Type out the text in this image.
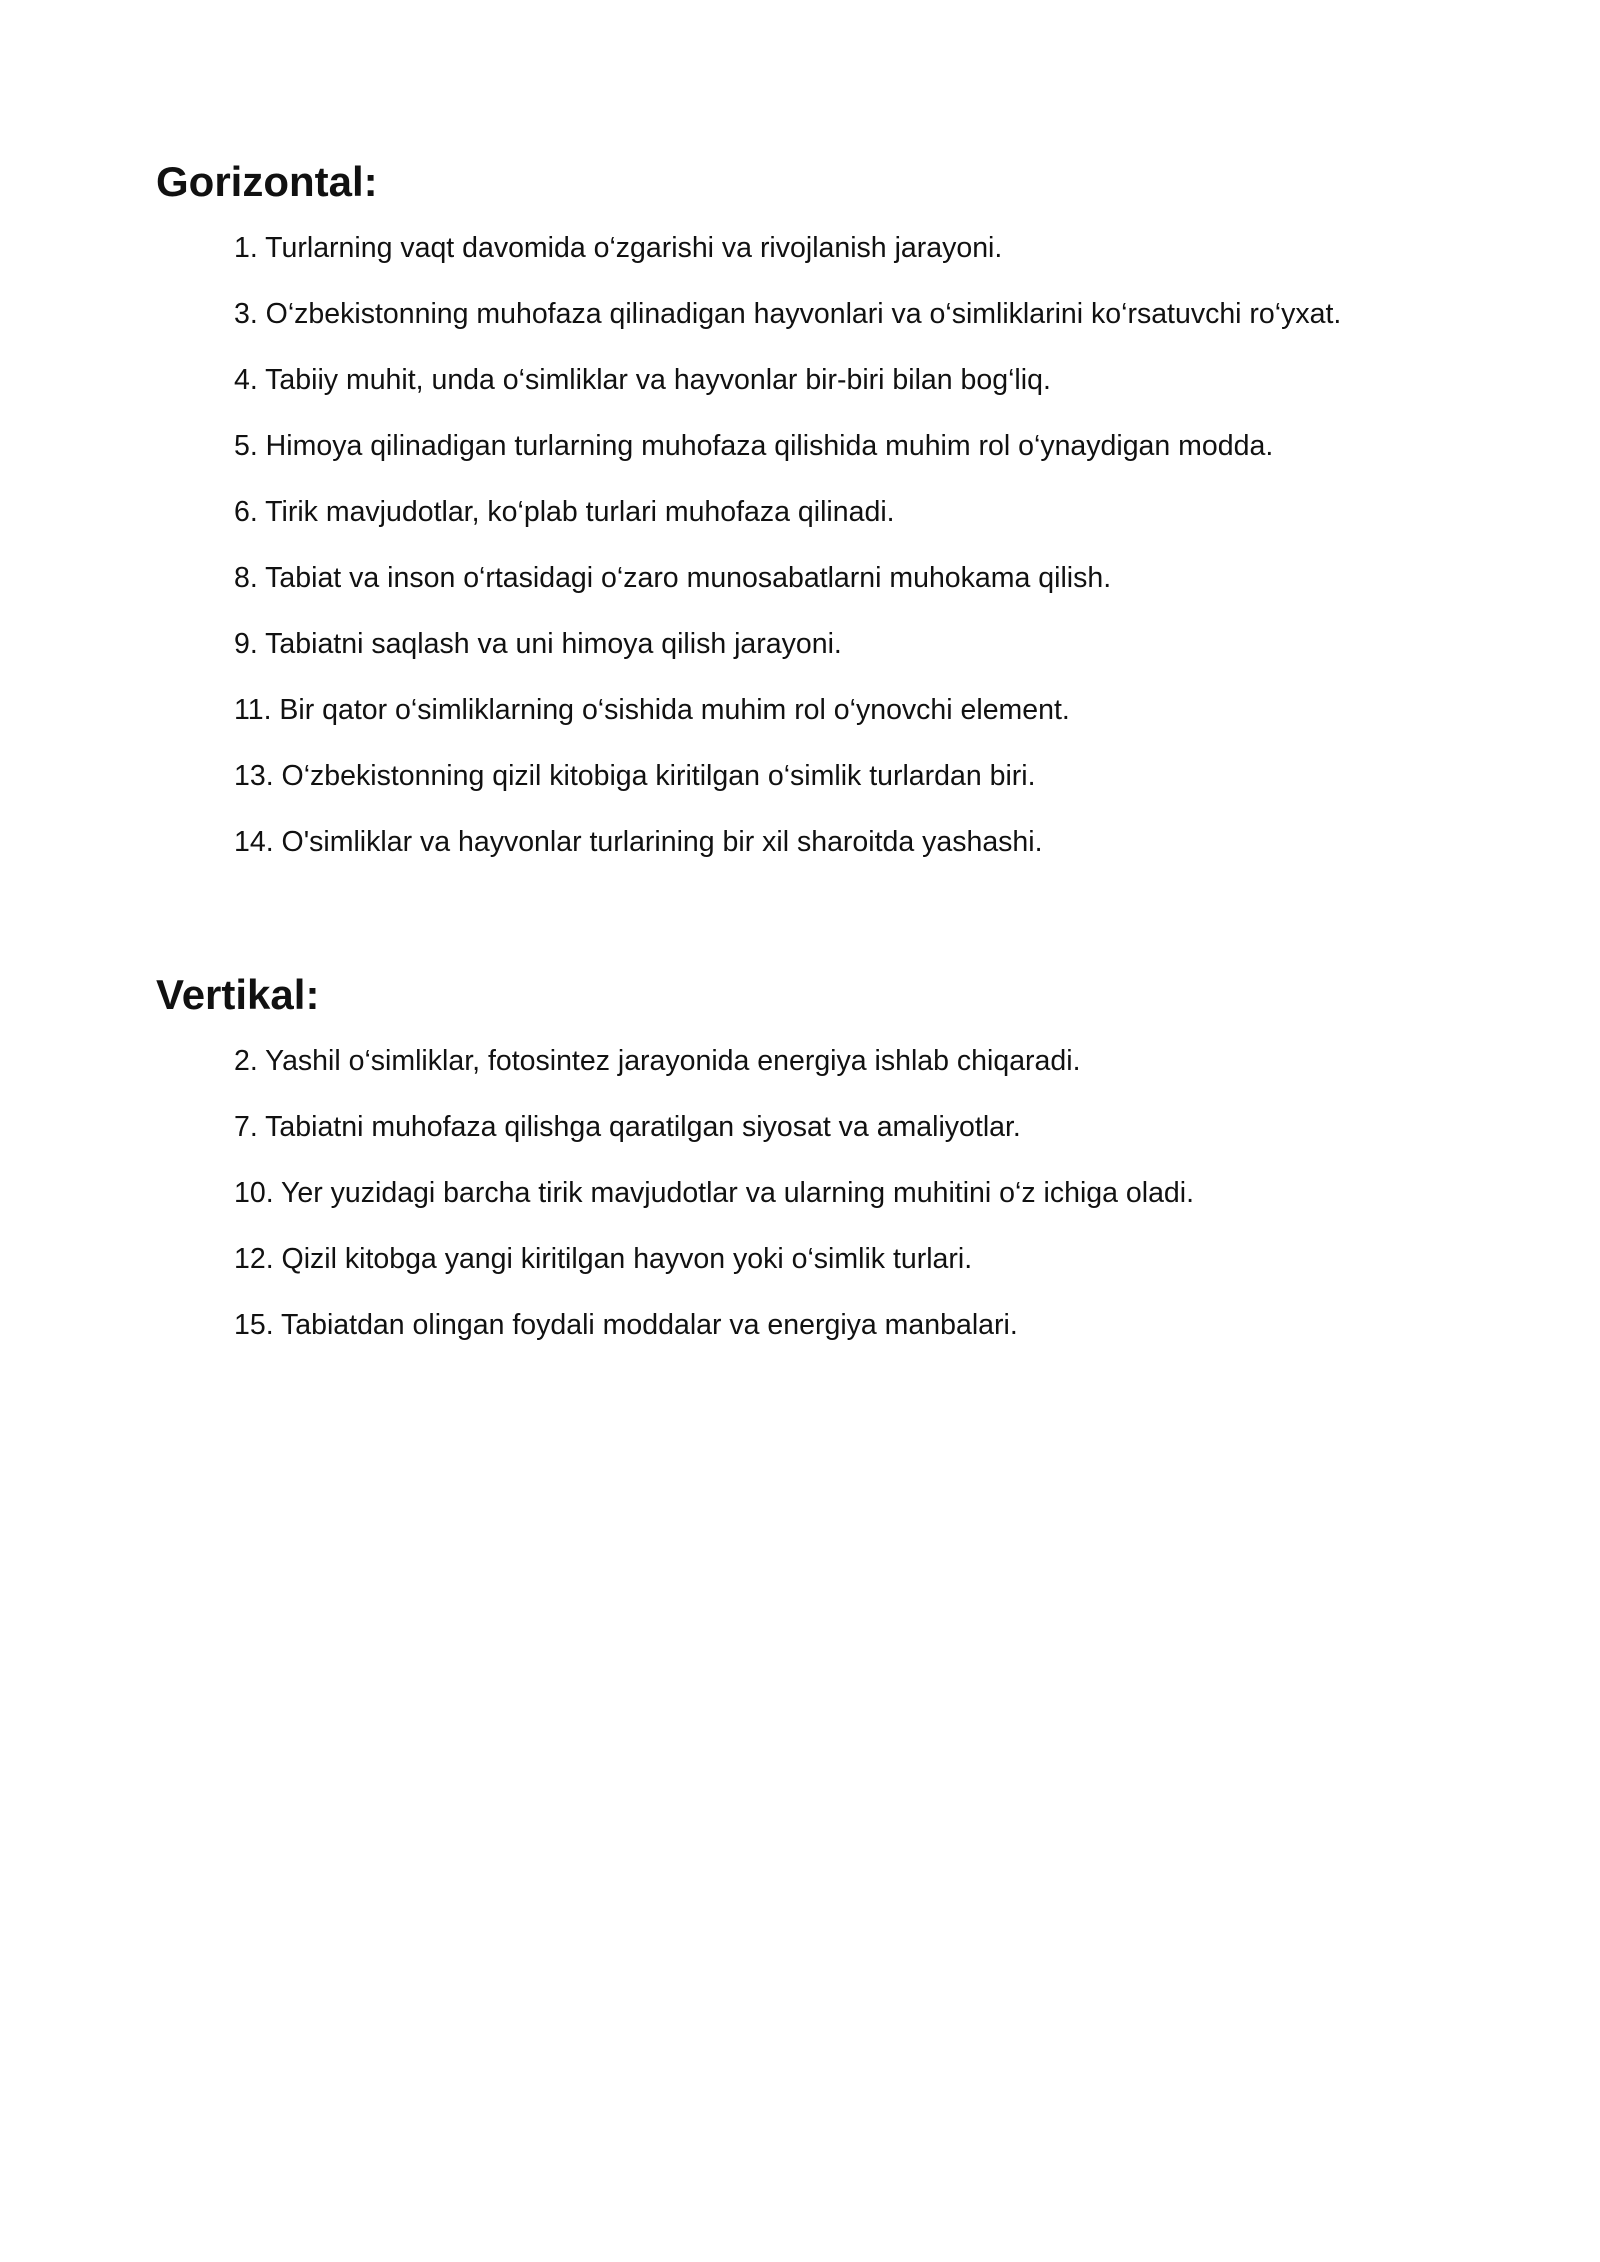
Gorizontal:
1. Turlarning vaqt davomida o‘zgarishi va rivojlanish jarayoni.
3. O‘zbekistonning muhofaza qilinadigan hayvonlari va o‘simliklarini ko‘rsatuvchi ro‘yxat.
4. Tabiiy muhit, unda o‘simliklar va hayvonlar bir-biri bilan bog‘liq.
5. Himoya qilinadigan turlarning muhofaza qilishida muhim rol o‘ynaydigan modda.
6. Tirik mavjudotlar, ko‘plab turlari muhofaza qilinadi.
8. Tabiat va inson o‘rtasidagi o‘zaro munosabatlarni muhokama qilish.
9. Tabiatni saqlash va uni himoya qilish jarayoni.
11. Bir qator o‘simliklarning o‘sishida muhim rol o‘ynovchi element.
13. O‘zbekistonning qizil kitobiga kiritilgan o‘simlik turlardan biri.
14. O'simliklar va hayvonlar turlarining bir xil sharoitda yashashi.
Vertikal:
2. Yashil o‘simliklar, fotosintez jarayonida energiya ishlab chiqaradi.
7. Tabiatni muhofaza qilishga qaratilgan siyosat va amaliyotlar.
10. Yer yuzidagi barcha tirik mavjudotlar va ularning muhitini o‘z ichiga oladi.
12. Qizil kitobga yangi kiritilgan hayvon yoki o‘simlik turlari.
15. Tabiatdan olingan foydali moddalar va energiya manbalari.
